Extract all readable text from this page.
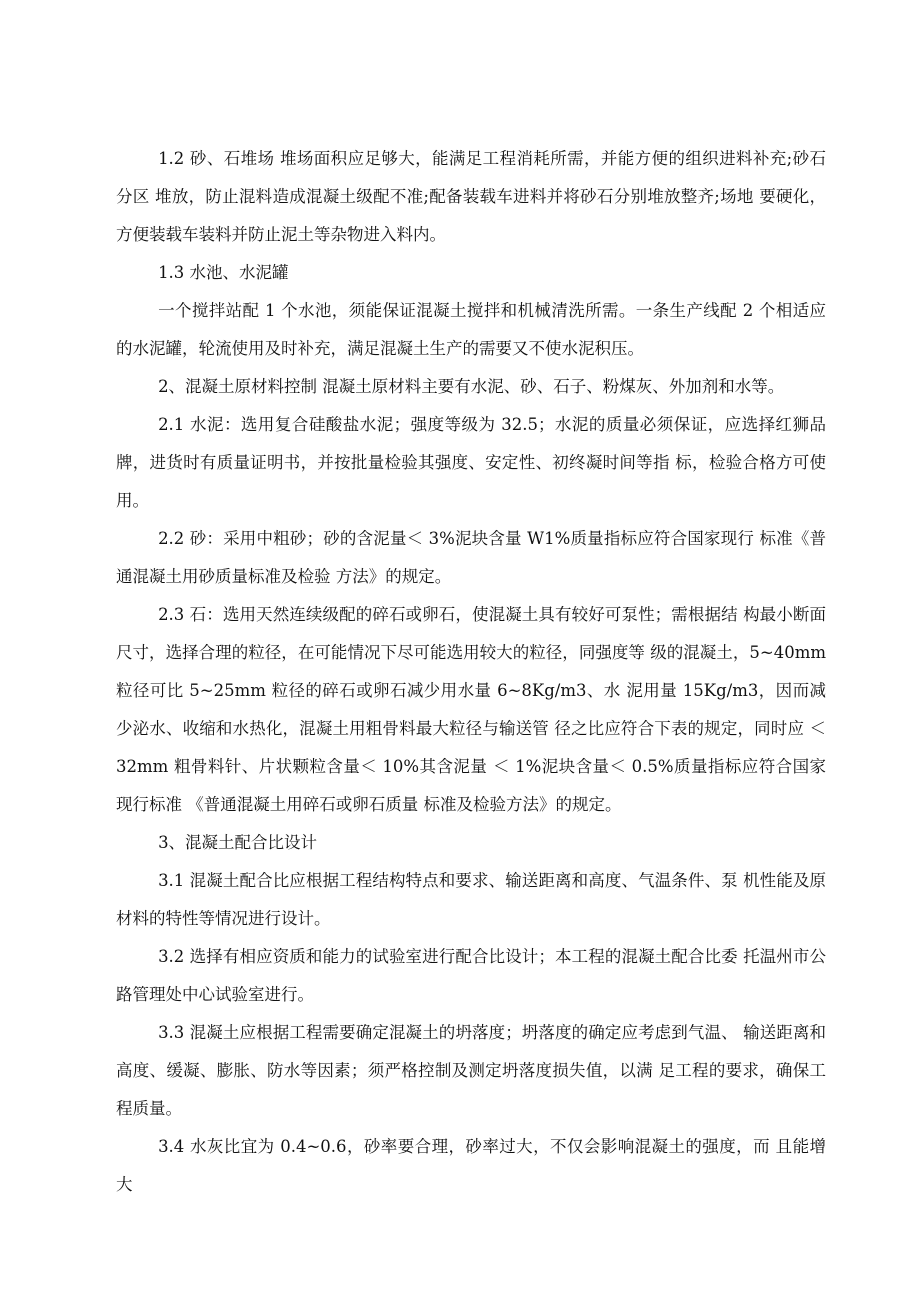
1.2 砂、石堆场 堆场面积应足够大，能满足工程消耗所需，并能方便的组织进料补充;砂石分区 堆放，防止混料造成混凝土级配不准;配备装载车进料并将砂石分别堆放整齐;场地 要硬化，方便装载车装料并防止泥土等杂物进入料内。

1.3 水池、水泥罐

一个搅拌站配 1 个水池，须能保证混凝土搅拌和机械清洗所需。一条生产线配 2 个相适应的水泥罐，轮流使用及时补充，满足混凝土生产的需要又不使水泥积压。

2、混凝土原材料控制 混凝土原材料主要有水泥、砂、石子、粉煤灰、外加剂和水等。

2.1 水泥：选用复合硅酸盐水泥；强度等级为 32.5；水泥的质量必须保证，应选择红狮品牌，进货时有质量证明书，并按批量检验其强度、安定性、初终凝时间等指 标，检验合格方可使用。

2.2 砂：采用中粗砂；砂的含泥量＜ 3%泥块含量 W1%质量指标应符合国家现行 标准《普通混凝土用砂质量标准及检验 方法》的规定。

2.3 石：选用天然连续级配的碎石或卵石，使混凝土具有较好可泵性；需根据结 构最小断面尺寸，选择合理的粒径，在可能情况下尽可能选用较大的粒径，同强度等 级的混凝土，5~40mm 粒径可比 5~25mm 粒径的碎石或卵石减少用水量 6~8Kg/m3、水 泥用量 15Kg/m3，因而减少泌水、收缩和水热化，混凝土用粗骨料最大粒径与输送管 径之比应符合下表的规定，同时应 ＜32mm 粗骨料针、片状颗粒含量＜ 10%其含泥量 ＜ 1%泥块含量＜ 0.5%质量指标应符合国家现行标准 《普通混凝土用碎石或卵石质量 标准及检验方法》的规定。

3、混凝土配合比设计

3.1 混凝土配合比应根据工程结构特点和要求、输送距离和高度、气温条件、泵 机性能及原材料的特性等情况进行设计。

3.2 选择有相应资质和能力的试验室进行配合比设计；本工程的混凝土配合比委 托温州市公路管理处中心试验室进行。

3.3 混凝土应根据工程需要确定混凝土的坍落度；坍落度的确定应考虑到气温、 输送距离和高度、缓凝、膨胀、防水等因素；须严格控制及测定坍落度损失值，以满 足工程的要求，确保工程质量。

3.4 水灰比宜为 0.4~0.6，砂率要合理，砂率过大，不仅会影响混凝土的强度，而 且能增大
